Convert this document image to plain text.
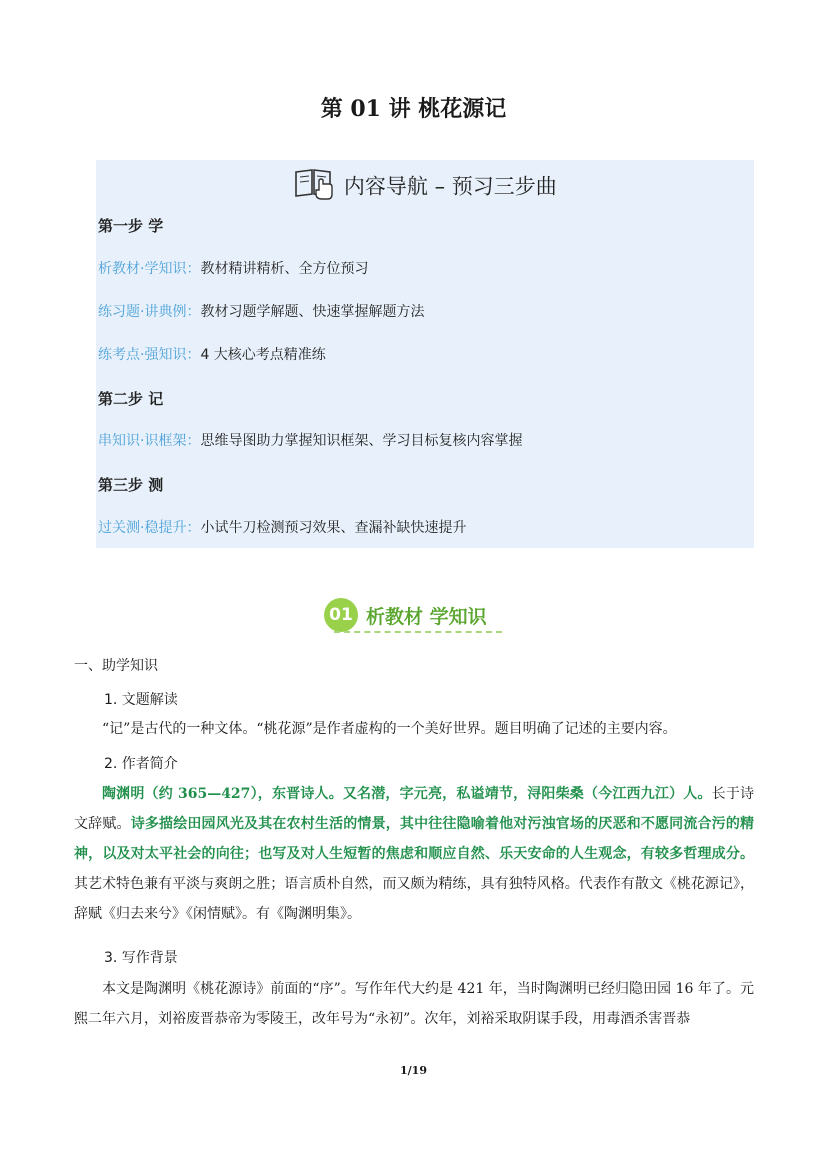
第 01 讲 桃花源记
内容导航 – 预习三步曲
第一步 学
析教材·学知识：教材精讲精析、全方位预习
练习题·讲典例：教材习题学解题、快速掌握解题方法
练考点·强知识：4 大核心考点精准练
第二步 记
串知识·识框架：思维导图助力掌握知识框架、学习目标复核内容掌握
第三步 测
过关测·稳提升：小试牛刀检测预习效果、查漏补缺快速提升
01 析教材 学知识
一、助学知识
1. 文题解读
“记”是古代的一种文体。“桃花源”是作者虚构的一个美好世界。题目明确了记述的主要内容。
2. 作者简介
陶渊明（约 365—427），东晋诗人。又名潜，字元亮，私谥靖节，浔阳柴桑（今江西九江）人。长于诗文辞赋。诗多描绘田园风光及其在农村生活的情景，其中往往隐喻着他对污浊官场的厌恶和不愿同流合污的精神，以及对太平社会的向往；也写及对人生短暂的焦虑和顺应自然、乐天安命的人生观念，有较多哲理成分。其艺术特色兼有平淡与爽朗之胜；语言质朴自然，而又颇为精练，具有独特风格。代表作有散文《桃花源记》，辞赋《归去来兮》《闲情赋》。有《陶渊明集》。
3. 写作背景
本文是陶渊明《桃花源诗》前面的“序”。写作年代大约是 421 年，当时陶渊明已经归隐田园 16 年了。元熙二年六月，刘裕废晋恭帝为零陵王，改年号为“永初”。次年，刘裕采取阴谋手段，用毒酒杀害晋恭
1/19
